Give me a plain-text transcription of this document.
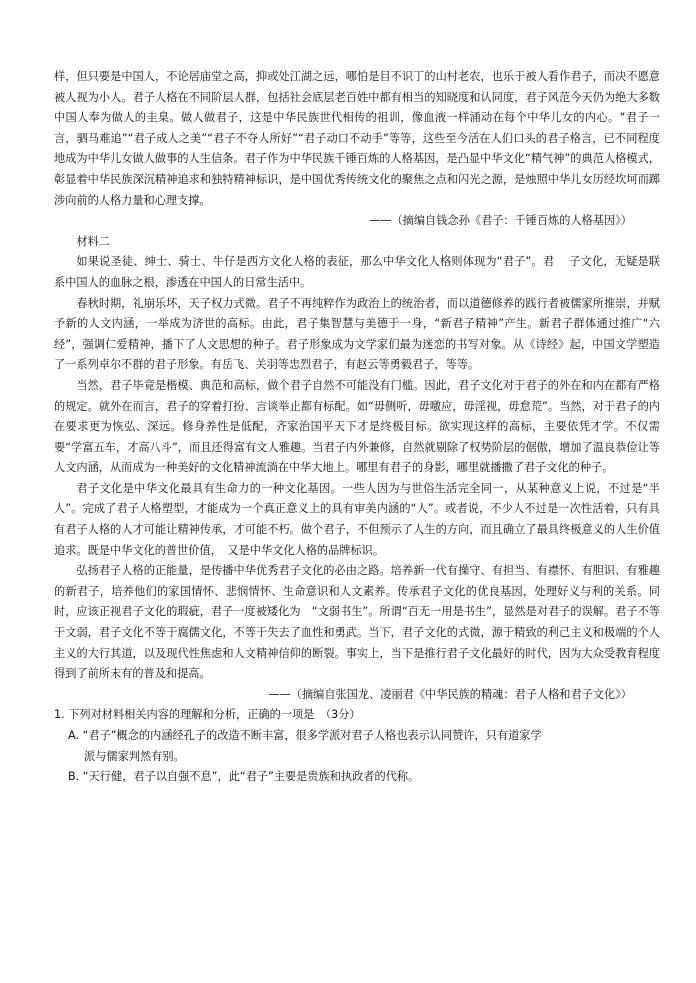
样，但只要是中国人，不论居庙堂之高，抑或处江湖之远，哪怕是目不识丁的山村老农，也乐于被人看作君子，而决不愿意被人视为小人。君子人格在不同阶层人群，包括社会底层老百姓中都有相当的知晓度和认同度，君子风范今天仍为绝大多数中国人奉为做人的圭臬。做人做君子，这是中华民族世代相传的祖训，像血液一样涌动在每个中华儿女的内心。“君子一言，驷马难追”“君子成人之美”“君子不夺人所好”“君子动口不动手”等等，这些至今活在人们口头的君子格言，已不同程度地成为中华儿女做人做事的人生信条。君子作为中华民族千锤百炼的人格基因，是凸显中华文化“精气神”的典范人格模式，彰显着中华民族深沉精神追求和独特精神标识，是中国优秀传统文化的聚焦之点和闪光之源，是烛照中华儿女历经坎坷而踯涉向前的人格力量和心理支撑。

——（摘编自钱念孙《君子：千锤百炼的人格基因》）

材料二

如果说圣徒、绅士、骑士、牛仔是西方文化人格的表征，那么中华文化人格则体现为“君子”。君　 子文化，无疑是联系中国人的血脉之根，渗透在中国人的日常生活中。

春秋时期，礼崩乐坏，天子权力式微。君子不再纯粹作为政治上的统治者，而以道德修养的践行者被儒家所推崇，并赋予新的人文内涵，一举成为济世的高标。由此，君子集智慧与美德于一身，“新君子精神”产生。新君子群体通过推广“六经”，强调仁爱精神，播下了人文思想的种子。君子形象成为文学家们最为迷恋的书写对象。从《诗经》起，中国文学塑造了一系列卓尔不群的君子形象。有岳飞、关羽等忠烈君子，有赵云等勇毅君子，等等。

当然，君子毕竟是楷模、典范和高标，做个君子自然不可能没有门槛。因此，君子文化对于君子的外在和内在都有严格的规定。就外在而言，君子的穿着打扮、言谈举止都有标配。如“毋侧听，毋噭应，毋淫视，毋怠荒”。当然，对于君子的内在要求更为恢弘、深远。修身养性是低配，齐家治国平天下才是终极目标。欲实现这样的高标，主要依凭才学。不仅需要“学富五车，才高八斗”，而且还得富有文人雅趣。当君子内外兼修，自然就剔除了权势阶层的倨傲，增加了温良恭俭让等人文内涵，从而成为一种美好的文化精神流淌在中华大地上。哪里有君子的身影，哪里就播撒了君子文化的种子。

君子文化是中华文化最具有生命力的一种文化基因。一些人因为与世俗生活完全同一，从某种意义上说，不过是“半人”。完成了君子人格塑型，才能成为一个真正意义上的具有审美内涵的“人”。或者说，不少人不过是一次性活着，只有具有君子人格的人才可能让精神传承，才可能不朽。做个君子，不但预示了人生的方向，而且确立了最具终极意义的人生价值追求。既是中华文化的普世价值，　又是中华文化人格的品牌标识。

弘扬君子人格的正能量，是传播中华优秀君子文化的必由之路。培养新一代有操守、有担当、有襟怀、有胆识、有雅趣的新君子，培养他们的家国情怀、悲悯情怀、生命意识和人文素养。传承君子文化的优良基因，处理好义与利的关系。同时，应该正视君子文化的瑕疵，君子一度被矮化为　“文弱书生”。所谓“百无一用是书生”，显然是对君子的误解。君子不等于文弱，君子文化不等于腐儒文化，不等于失去了血性和勇武。当下，君子文化的式微，源于精致的利己主义和极端的个人主义的大行其道，以及现代性焦虑和人文精神信仰的断裂。事实上，当下是推行君子文化最好的时代，因为大众受教育程度得到了前所未有的普及和提高。

——（摘编自张国龙、凌丽君《中华民族的精魂：君子人格和君子文化》）

1. 下列对材料相关内容的理解和分析，正确的一项是　（3分）

A. “君子”概念的内涵经孔子的改造不断丰富，很多学派对君子人格也表示认同赞许，只有道家学

派与儒家判然有别。

B. “天行健，君子以自强不息”，此“君子”主要是贵族和执政者的代称。
